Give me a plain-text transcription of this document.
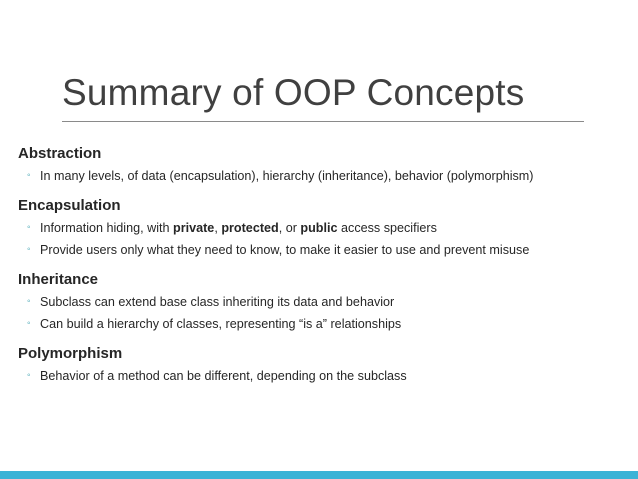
Summary of OOP Concepts
Abstraction
◦ In many levels, of data (encapsulation), hierarchy (inheritance), behavior (polymorphism)
Encapsulation
◦ Information hiding, with private, protected, or public access specifiers
◦ Provide users only what they need to know, to make it easier to use and prevent misuse
Inheritance
◦ Subclass can extend base class inheriting its data and behavior
◦ Can build a hierarchy of classes, representing “is a” relationships
Polymorphism
◦ Behavior of a method can be different, depending on the subclass
